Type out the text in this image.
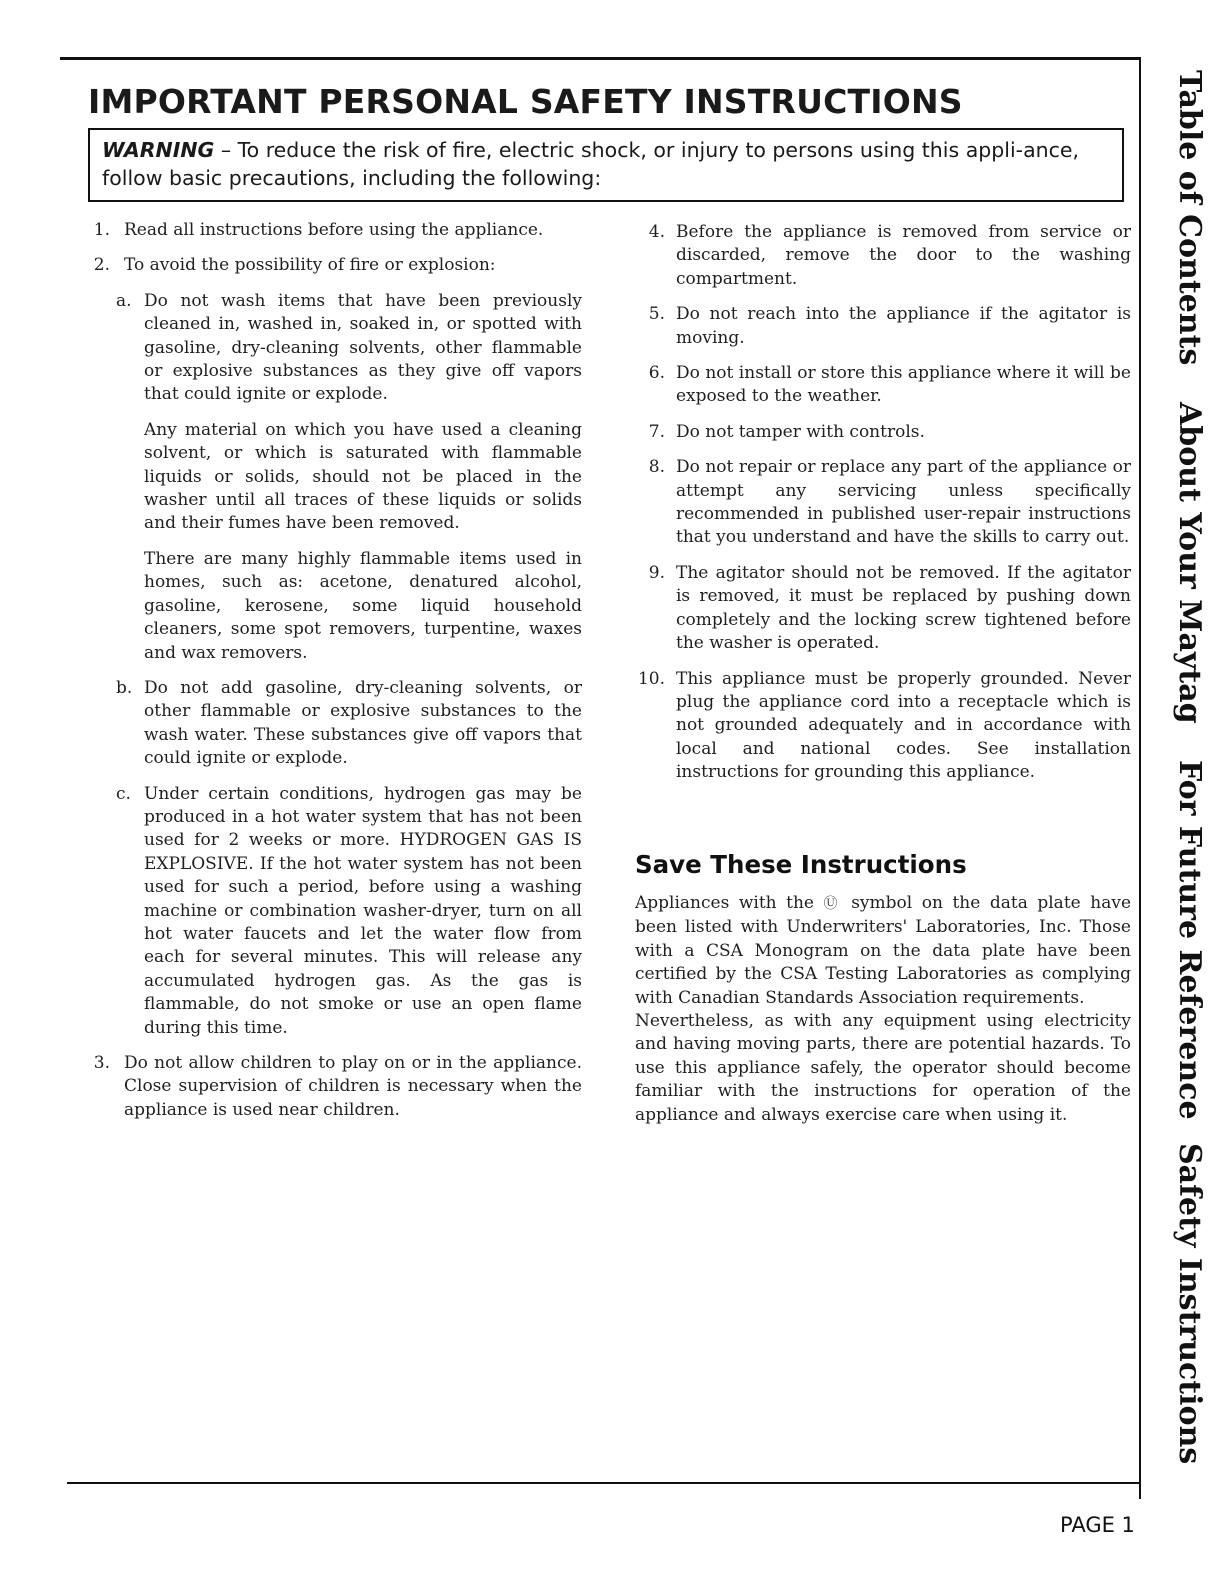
IMPORTANT PERSONAL SAFETY INSTRUCTIONS
WARNING – To reduce the risk of fire, electric shock, or injury to persons using this appli-ance, follow basic precautions, including the following:
1. Read all instructions before using the appliance.

2. To avoid the possibility of fire or explosion:

a. Do not wash items that have been previously cleaned in, washed in, soaked in, or spotted with gasoline, dry-cleaning solvents, other flammable or explosive substances as they give off vapors that could ignite or explode.

Any material on which you have used a cleaning solvent, or which is saturated with flammable liquids or solids, should not be placed in the washer until all traces of these liquids or solids and their fumes have been removed.

There are many highly flammable items used in homes, such as: acetone, denatured alcohol, gasoline, kerosene, some liquid household cleaners, some spot removers, turpentine, waxes and wax removers.

b. Do not add gasoline, dry-cleaning solvents, or other flammable or explosive substances to the wash water. These substances give off vapors that could ignite or explode.

c. Under certain conditions, hydrogen gas may be produced in a hot water system that has not been used for 2 weeks or more. HYDROGEN GAS IS EXPLOSIVE. If the hot water system has not been used for such a period, before using a washing machine or combination washer-dryer, turn on all hot water faucets and let the water flow from each for several minutes. This will release any accumulated hydrogen gas. As the gas is flammable, do not smoke or use an open flame during this time.

3. Do not allow children to play on or in the appliance. Close supervision of children is necessary when the appliance is used near children.

4. Before the appliance is removed from service or discarded, remove the door to the washing compartment.

5. Do not reach into the appliance if the agitator is moving.

6. Do not install or store this appliance where it will be exposed to the weather.

7. Do not tamper with controls.

8. Do not repair or replace any part of the appliance or attempt any servicing unless specifically recommended in published user-repair instructions that you understand and have the skills to carry out.

9. The agitator should not be removed. If the agitator is removed, it must be replaced by pushing down completely and the locking screw tightened before the washer is operated.

10. This appliance must be properly grounded. Never plug the appliance cord into a receptacle which is not grounded adequately and in accordance with local and national codes. See installation instructions for grounding this appliance.

Save These Instructions

Appliances with the Ⓤ symbol on the data plate have been listed with Underwriters' Laboratories, Inc. Those with a CSA Monogram on the data plate have been certified by the CSA Testing Laboratories as complying with Canadian Standards Association requirements.

Nevertheless, as with any equipment using electricity and having moving parts, there are potential hazards. To use this appliance safely, the operator should become familiar with the instructions for operation of the appliance and always exercise care when using it.

Table of Contents
About Your Maytag
For Future Reference
Safety Instructions
PAGE 1
